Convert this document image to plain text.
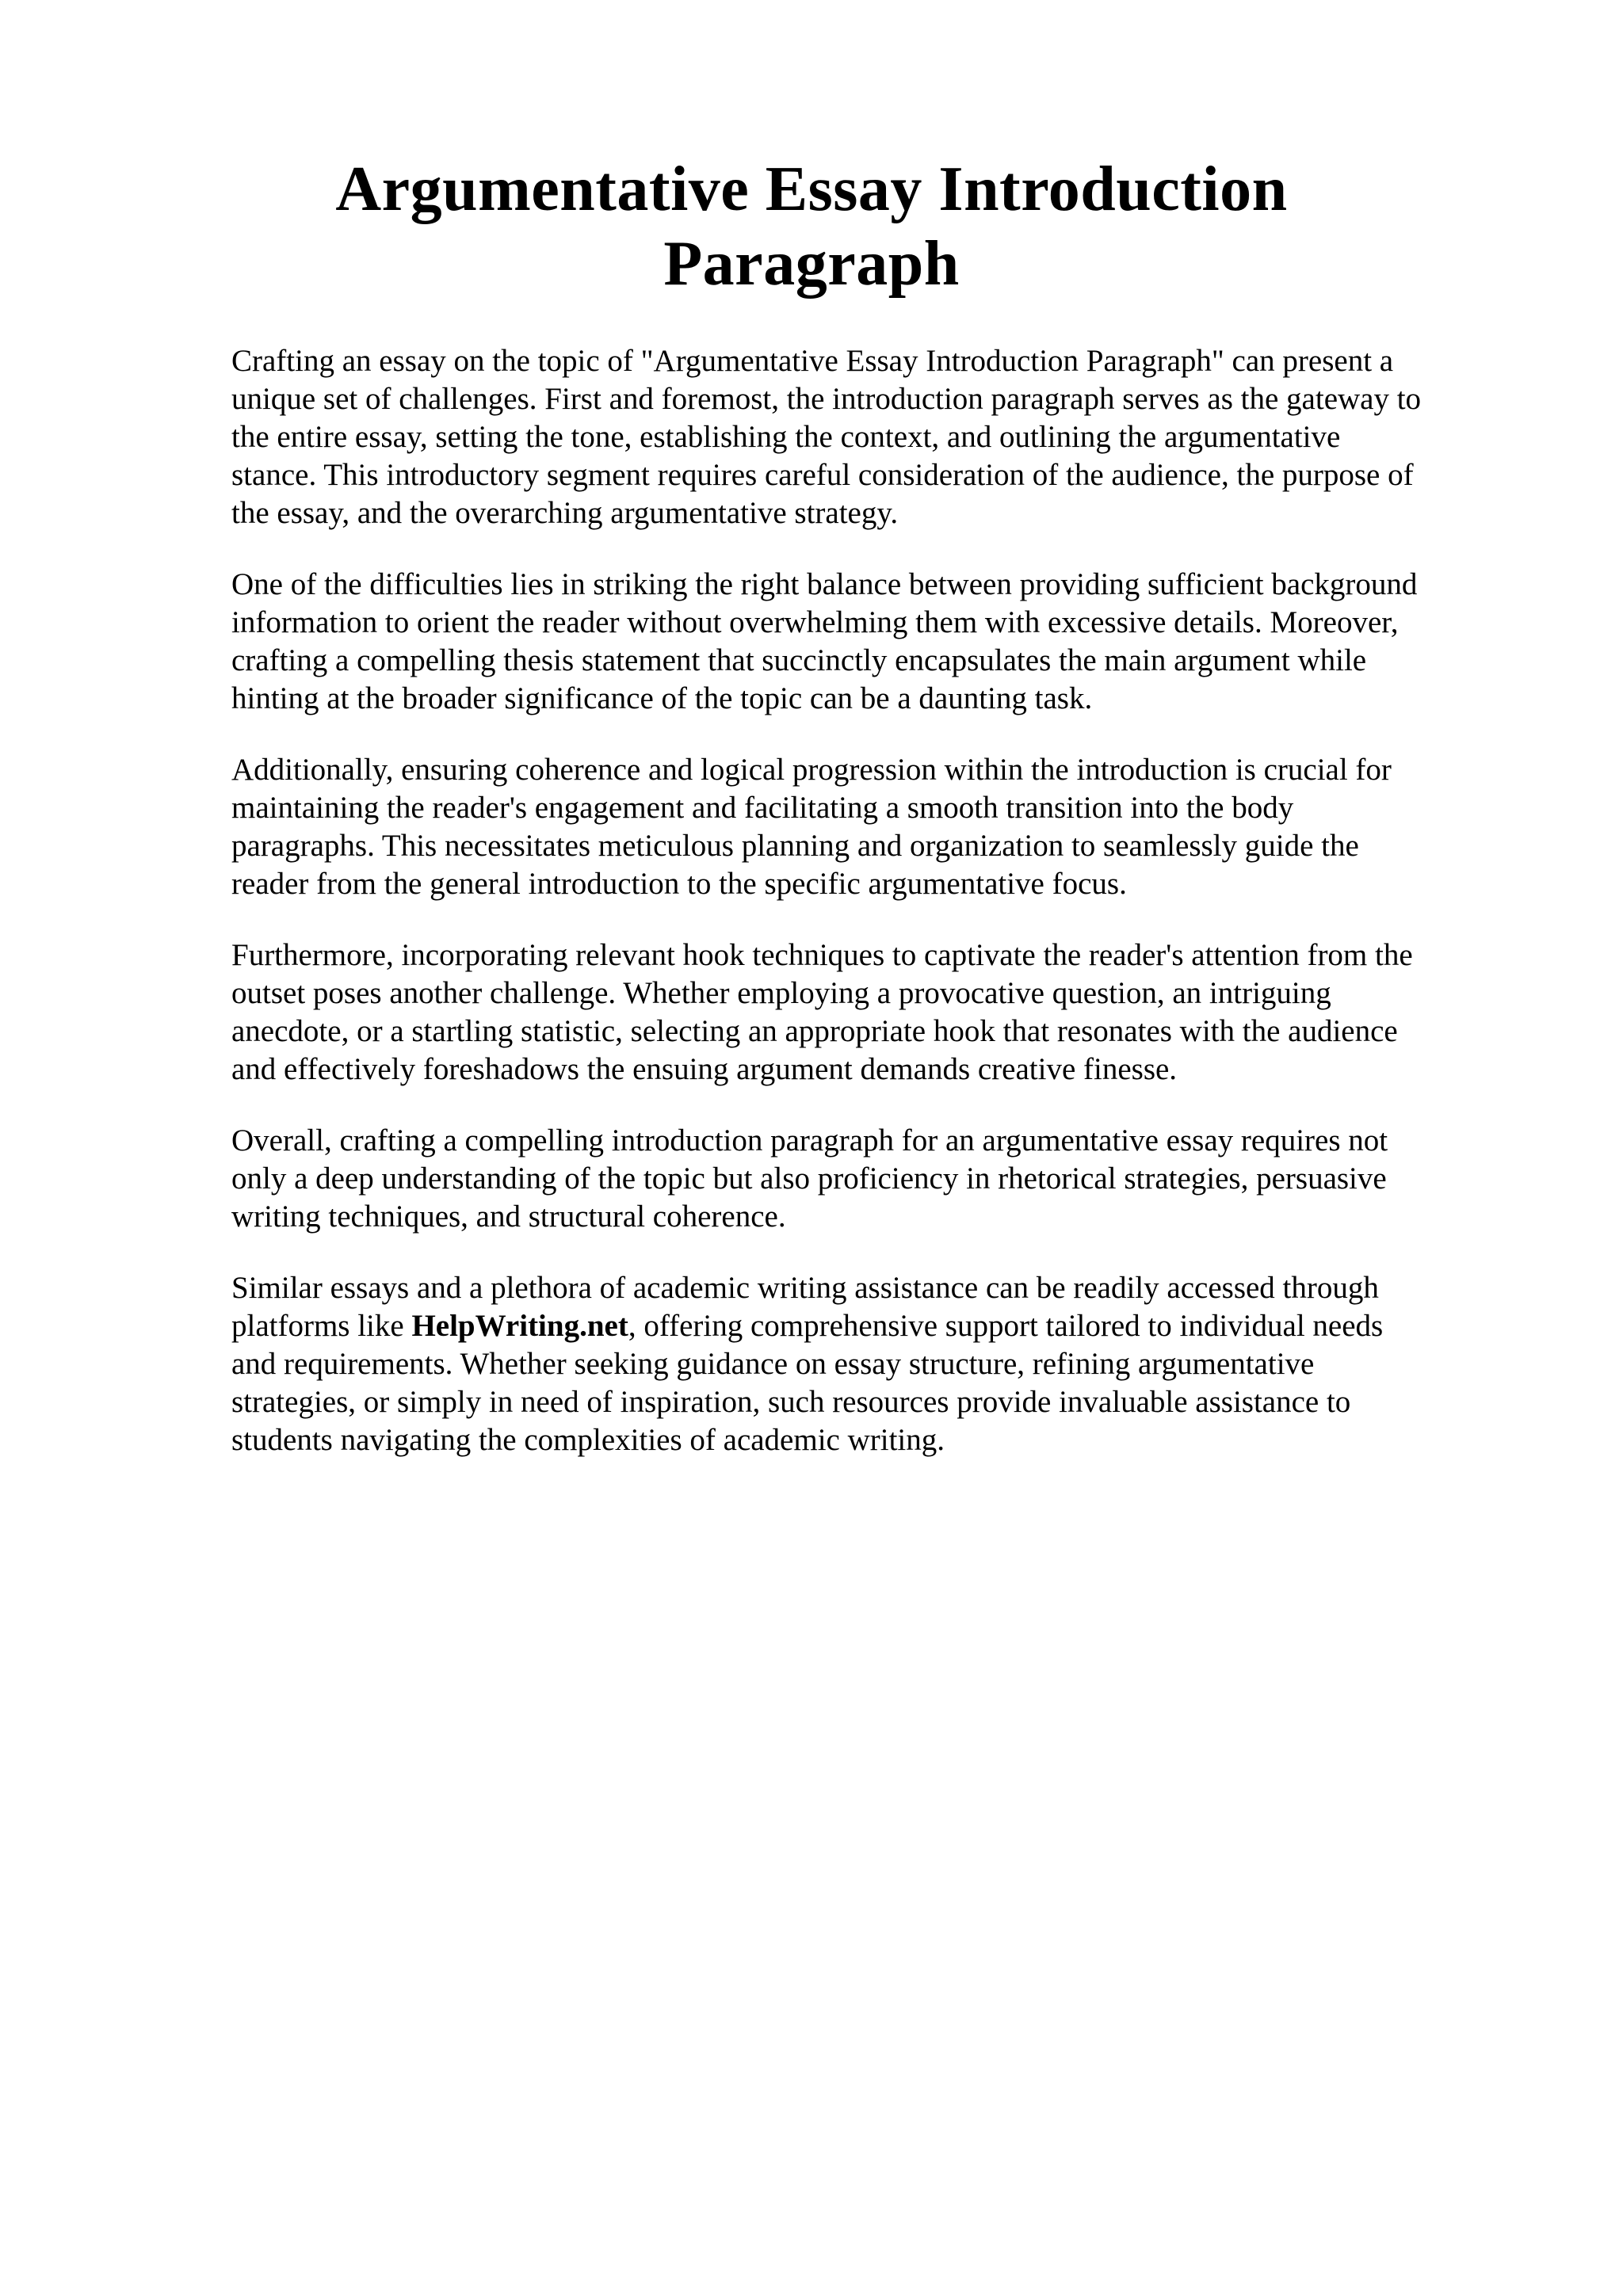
Argumentative Essay Introduction
Paragraph

Crafting an essay on the topic of "Argumentative Essay Introduction Paragraph" can present a
unique set of challenges. First and foremost, the introduction paragraph serves as the gateway to
the entire essay, setting the tone, establishing the context, and outlining the argumentative
stance. This introductory segment requires careful consideration of the audience, the purpose of
the essay, and the overarching argumentative strategy.

One of the difficulties lies in striking the right balance between providing sufficient background
information to orient the reader without overwhelming them with excessive details. Moreover,
crafting a compelling thesis statement that succinctly encapsulates the main argument while
hinting at the broader significance of the topic can be a daunting task.

Additionally, ensuring coherence and logical progression within the introduction is crucial for
maintaining the reader's engagement and facilitating a smooth transition into the body
paragraphs. This necessitates meticulous planning and organization to seamlessly guide the
reader from the general introduction to the specific argumentative focus.

Furthermore, incorporating relevant hook techniques to captivate the reader's attention from the
outset poses another challenge. Whether employing a provocative question, an intriguing
anecdote, or a startling statistic, selecting an appropriate hook that resonates with the audience
and effectively foreshadows the ensuing argument demands creative finesse.

Overall, crafting a compelling introduction paragraph for an argumentative essay requires not
only a deep understanding of the topic but also proficiency in rhetorical strategies, persuasive
writing techniques, and structural coherence.

Similar essays and a plethora of academic writing assistance can be readily accessed through
platforms like HelpWriting.net, offering comprehensive support tailored to individual needs
and requirements. Whether seeking guidance on essay structure, refining argumentative
strategies, or simply in need of inspiration, such resources provide invaluable assistance to
students navigating the complexities of academic writing.
